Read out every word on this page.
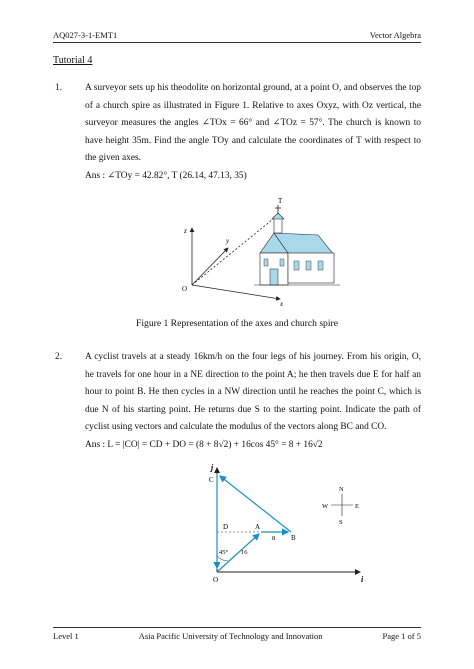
AQ027-3-1-EMT1	Vector Algebra
Tutorial 4
1.	A surveyor sets up his theodolite on horizontal ground, at a point O, and observes the top of a church spire as illustrated in Figure 1. Relative to axes Oxyz, with Oz vertical, the surveyor measures the angles ∠TOx = 66° and ∠TOz = 57°. The church is known to have height 35m. Find the angle TOy and calculate the coordinates of T with respect to the given axes.
Ans : ∠TOy = 42.82°, T (26.14, 47.13, 35)
z
y
x
O
T
Figure 1 Representation of the axes and church spire
2.	A cyclist travels at a steady 16km/h on the four legs of his journey. From his origin, O, he travels for one hour in a NE direction to the point A; he then travels due E for half an hour to point B. He then cycles in a NW direction until he reaches the point C, which is due N of his starting point. He returns due S to the starting point. Indicate the path of cyclist using vectors and calculate the modulus of the vectors along BC and CO.
Ans : L = |CO| = CD + DO = (8 + 8√2) + 16cos 45° = 8 + 16√2
j
i
C
D	A
B
O
8
16
45°
N
S
E
W
Level 1	Asia Pacific University of Technology and Innovation	Page 1 of 5
